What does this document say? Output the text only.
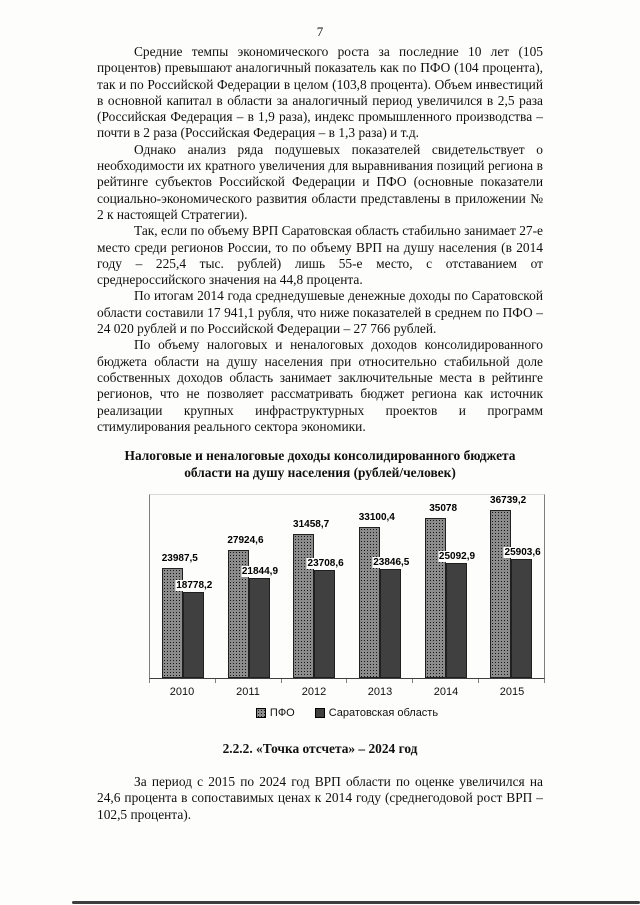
7

Средние темпы экономического роста за последние 10 лет (105 процентов) превышают аналогичный показатель как по ПФО (104 процента), так и по Российской Федерации в целом (103,8 процента). Объем инвестиций в основной капитал в области за аналогичный период увеличился в 2,5 раза (Российская Федерация – в 1,9 раза), индекс промышленного производства – почти в 2 раза (Российская Федерация – в 1,3 раза) и т.д.

Однако анализ ряда подушевых показателей свидетельствует о необходимости их кратного увеличения для выравнивания позиций региона в рейтинге субъектов Российской Федерации и ПФО (основные показатели социально-экономического развития области представлены в приложении № 2 к настоящей Стратегии).

Так, если по объему ВРП Саратовская область стабильно занимает 27-е место среди регионов России, то по объему ВРП на душу населения (в 2014 году – 225,4 тыс. рублей) лишь 55-е место, с отставанием от среднероссийского значения на 44,8 процента.

По итогам 2014 года среднедушевые денежные доходы по Саратовской области составили 17 941,1 рубля, что ниже показателей в среднем по ПФО – 24 020 рублей и по Российской Федерации – 27 766 рублей.

По объему налоговых и неналоговых доходов консолидированного бюджета области на душу населения при относительно стабильной доле собственных доходов область занимает заключительные места в рейтинге регионов, что не позволяет рассматривать бюджет региона как источник реализации крупных инфраструктурных проектов и программ стимулирования реального сектора экономики.

Налоговые и неналоговые доходы консолидированного бюджета
области на душу населения (рублей/человек)
23987,5
18778,2
27924,6
21844,9
31458,7
23708,6
33100,4
23846,5
35078
25092,9
36739,2
25903,6
2010	2011	2012	2013	2014	2015
ПФО	Саратовская область
2.2.2. «Точка отсчета» – 2024 год

За период с 2015 по 2024 год ВРП области по оценке увеличился на 24,6 процента в сопоставимых ценах к 2014 году (среднегодовой рост ВРП – 102,5 процента).
